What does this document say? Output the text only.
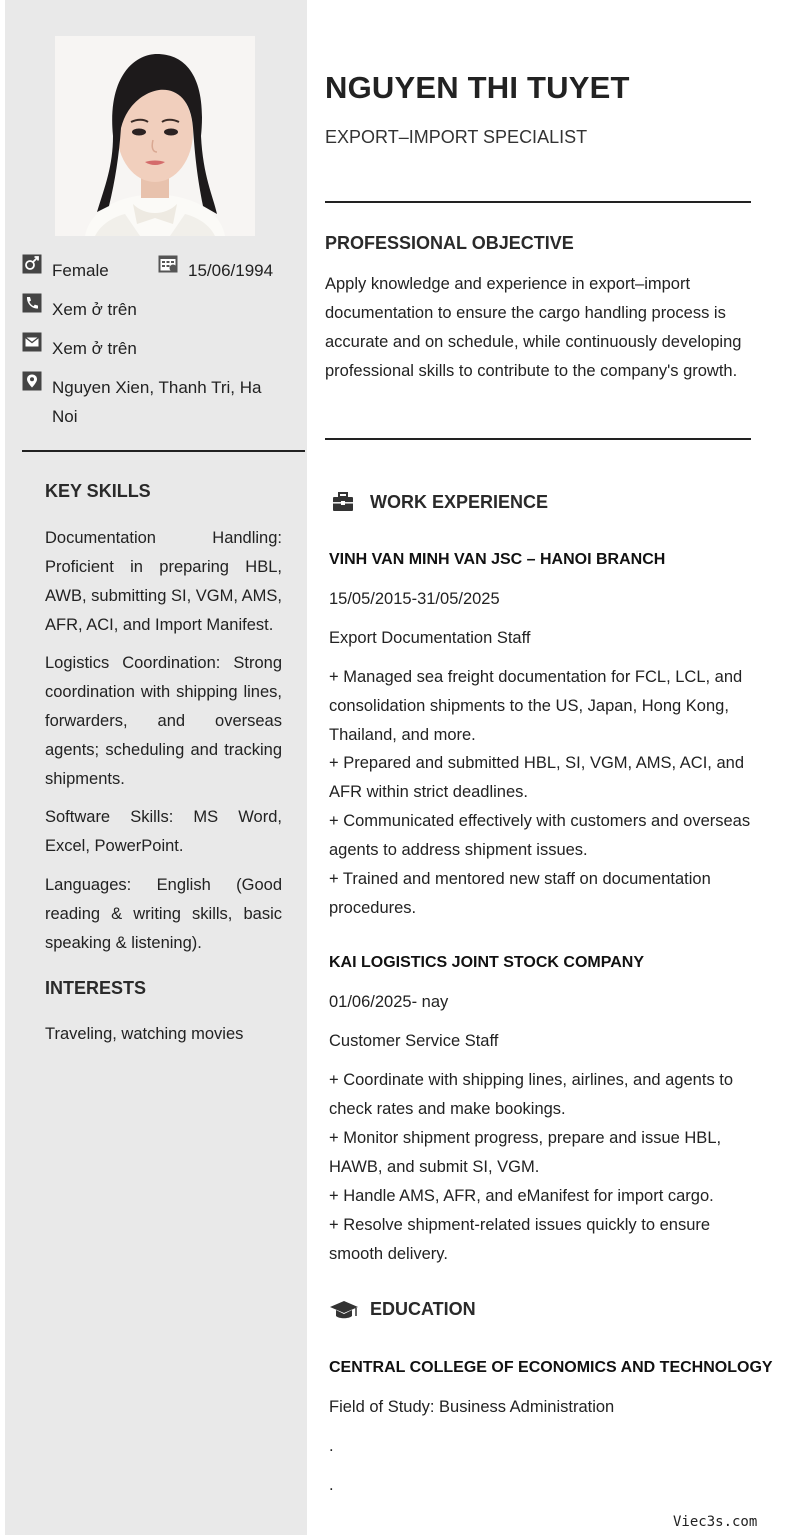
Female	15/06/1994
Xem ở trên
Xem ở trên
Nguyen Xien, Thanh Tri, Ha Noi
KEY SKILLS
Documentation Handling: Proficient in preparing HBL, AWB, submitting SI, VGM, AMS, AFR, ACI, and Import Manifest.
Logistics Coordination: Strong coordination with shipping lines, forwarders, and overseas agents; scheduling and tracking shipments.
Software Skills: MS Word, Excel, PowerPoint.
Languages: English (Good reading & writing skills, basic speaking & listening).
INTERESTS
Traveling, watching movies
NGUYEN THI TUYET
EXPORT–IMPORT SPECIALIST
PROFESSIONAL OBJECTIVE
Apply knowledge and experience in export–import documentation to ensure the cargo handling process is accurate and on schedule, while continuously developing professional skills to contribute to the company's growth.
WORK EXPERIENCE
VINH VAN MINH VAN JSC – HANOI BRANCH
15/05/2015-31/05/2025
Export Documentation Staff
+ Managed sea freight documentation for FCL, LCL, and consolidation shipments to the US, Japan, Hong Kong, Thailand, and more.
+ Prepared and submitted HBL, SI, VGM, AMS, ACI, and AFR within strict deadlines.
+ Communicated effectively with customers and overseas agents to address shipment issues.
+ Trained and mentored new staff on documentation procedures.
KAI LOGISTICS JOINT STOCK COMPANY
01/06/2025- nay
Customer Service Staff
+ Coordinate with shipping lines, airlines, and agents to check rates and make bookings.
+ Monitor shipment progress, prepare and issue HBL, HAWB, and submit SI, VGM.
+ Handle AMS, AFR, and eManifest for import cargo.
+ Resolve shipment-related issues quickly to ensure smooth delivery.
EDUCATION
CENTRAL COLLEGE OF ECONOMICS AND TECHNOLOGY
Field of Study: Business Administration
.
.
Viec3s.com
